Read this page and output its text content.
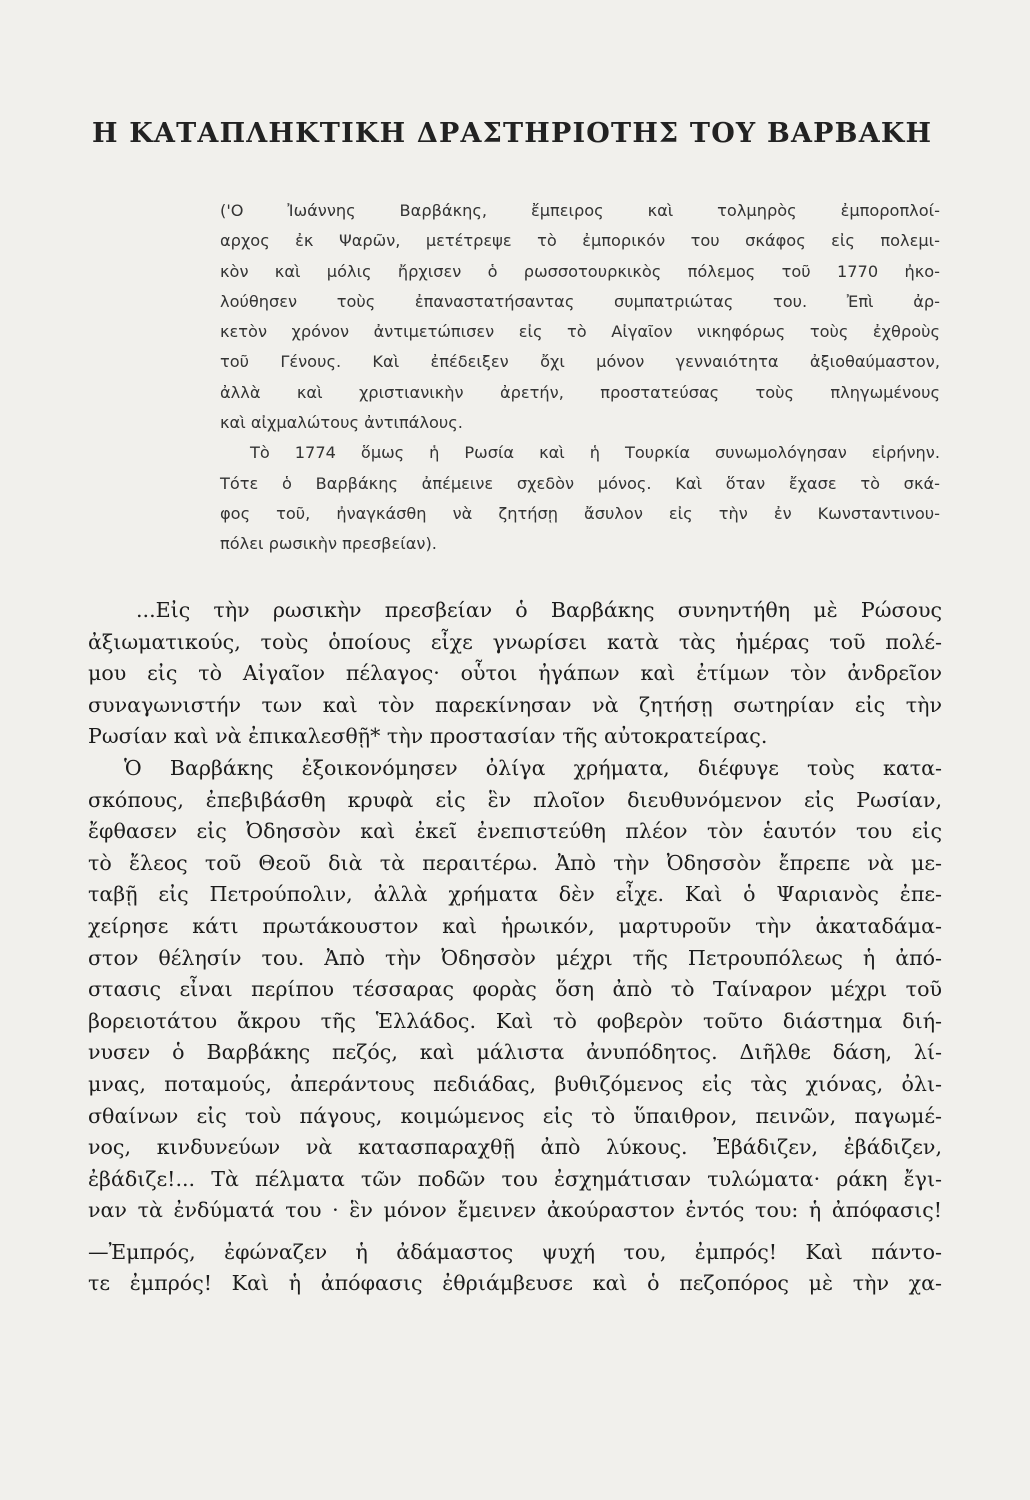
Η ΚΑΤΑΠΛΗΚΤΙΚΗ ΔΡΑΣΤΗΡΙΟΤΗΣ ΤΟΥ ΒΑΡΒΑΚΗ
('Ο Ἰωάννης Βαρβάκης, ἔμπειρος καὶ τολμηρὸς ἐμποροπλοί-
αρχος ἐκ Ψαρῶν, μετέτρεψε τὸ ἐμπορικόν του σκάφος εἰς πολεμι-
κὸν καὶ μόλις ἤρχισεν ὁ ρωσσοτουρκικὸς πόλεμος τοῦ 1770 ἠκο-
λούθησεν τοὺς ἐπαναστατήσαντας συμπατριώτας του. Ἐπὶ ἀρ-
κετὸν χρόνον ἀντιμετώπισεν εἰς τὸ Αἰγαῖον νικηφόρως τοὺς ἐχθροὺς
τοῦ Γένους. Καὶ ἐπέδειξεν ὄχι μόνον γενναιότητα ἀξιοθαύμαστον,
ἀλλὰ καὶ χριστιανικὴν ἀρετήν, προστατεύσας τοὺς πληγωμένους
καὶ αἰχμαλώτους ἀντιπάλους.
Τὸ 1774 ὅμως ἡ Ρωσία καὶ ἡ Τουρκία συνωμολόγησαν εἰρήνην.
Τότε ὁ Βαρβάκης ἀπέμεινε σχεδὸν μόνος. Καὶ ὅταν ἔχασε τὸ σκά-
φος τοῦ, ἠναγκάσθη νὰ ζητήσῃ ἄσυλον εἰς τὴν ἐν Κωνσταντινου-
πόλει ρωσικὴν πρεσβείαν).
...Εἰς τὴν ρωσικὴν πρεσβείαν ὁ Βαρβάκης συνηντήθη μὲ Ρώσους
ἀξιωματικούς, τοὺς ὁποίους εἶχε γνωρίσει κατὰ τὰς ἡμέρας τοῦ πολέ-
μου εἰς τὸ Αἰγαῖον πέλαγος· οὗτοι ἠγάπων καὶ ἐτίμων τὸν ἀνδρεῖον
συναγωνιστήν των καὶ τὸν παρεκίνησαν νὰ ζητήσῃ σωτηρίαν εἰς τὴν
Ρωσίαν καὶ νὰ ἐπικαλεσθῇ* τὴν προστασίαν τῆς αὐτοκρατείρας.
Ὁ Βαρβάκης ἐξοικονόμησεν ὀλίγα χρήματα, διέφυγε τοὺς κατα-
σκόπους, ἐπεβιβάσθη κρυφὰ εἰς ἓν πλοῖον διευθυνόμενον εἰς Ρωσίαν,
ἔφθασεν εἰς Ὀδησσὸν καὶ ἐκεῖ ἐνεπιστεύθη πλέον τὸν ἑαυτόν του εἰς
τὸ ἔλεος τοῦ Θεοῦ διὰ τὰ περαιτέρω. Ἀπὸ τὴν Ὀδησσὸν ἔπρεπε νὰ με-
ταβῇ εἰς Πετρούπολιν, ἀλλὰ χρήματα δὲν εἶχε. Καὶ ὁ Ψαριανὸς ἐπε-
χείρησε κάτι πρωτάκουστον καὶ ἡρωικόν, μαρτυροῦν τὴν ἀκαταδάμα-
στον θέλησίν του. Ἀπὸ τὴν Ὀδησσὸν μέχρι τῆς Πετρουπόλεως ἡ ἀπό-
στασις εἶναι περίπου τέσσαρας φορὰς ὅση ἀπὸ τὸ Ταίναρον μέχρι τοῦ
βορειοτάτου ἄκρου τῆς Ἑλλάδος. Καὶ τὸ φοβερὸν τοῦτο διάστημα διή-
νυσεν ὁ Βαρβάκης πεζός, καὶ μάλιστα ἀνυπόδητος. Διῆλθε δάση, λί-
μνας, ποταμούς, ἀπεράντους πεδιάδας, βυθιζόμενος εἰς τὰς χιόνας, ὀλι-
σθαίνων εἰς τοὺ πάγους, κοιμώμενος εἰς τὸ ὕπαιθρον, πεινῶν, παγωμέ-
νος, κινδυνεύων νὰ κατασπαραχθῇ ἀπὸ λύκους. Ἐβάδιζεν, ἐβάδιζεν,
ἐβάδιζε!... Τὰ πέλματα τῶν ποδῶν του ἐσχημάτισαν τυλώματα· ράκη ἔγι-
ναν τὰ ἐνδύματά του · ἓν μόνον ἔμεινεν ἀκούραστον ἐντός του: ἡ ἀπόφασις!
—Ἐμπρός, ἐφώναζεν ἡ ἀδάμαστος ψυχή του, ἐμπρός! Καὶ πάντο-
τε ἐμπρός! Καὶ ἡ ἀπόφασις ἐθριάμβευσε καὶ ὁ πεζοπόρος μὲ τὴν χα-
